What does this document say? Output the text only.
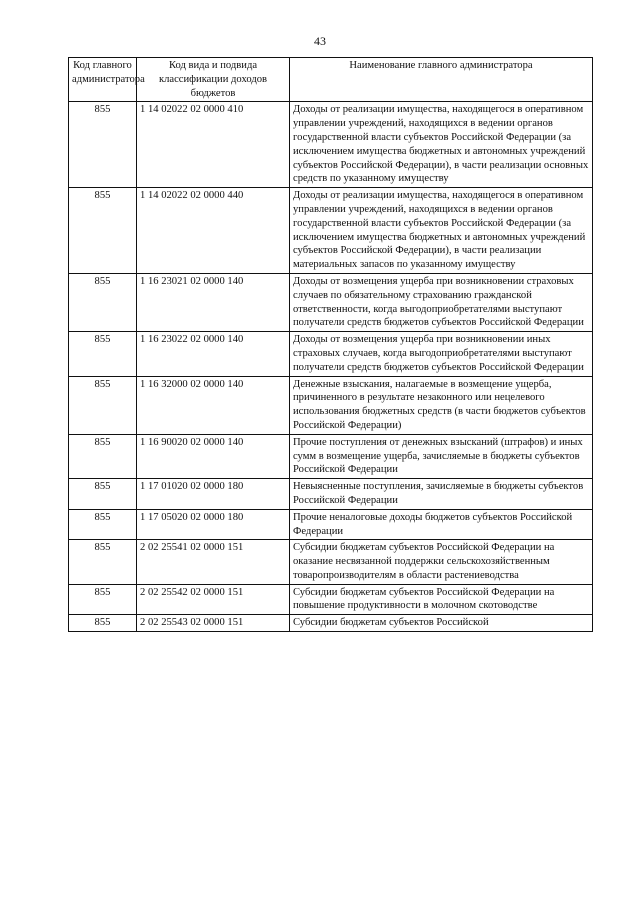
43
Код главного администратора	Код вида и подвида классификации доходов бюджетов	Наименование главного администратора
855	1 14 02022 02 0000 410	Доходы от реализации имущества, находящегося в оперативном управлении учреждений, находящихся в ведении органов государственной власти субъектов Российской Федерации (за исключением имущества бюджетных и автономных учреждений субъектов Российской Федерации), в части реализации основных средств по указанному имуществу
855	1 14 02022 02 0000 440	Доходы от реализации имущества, находящегося в оперативном управлении учреждений, находящихся в ведении органов государственной власти субъектов Российской Федерации (за исключением имущества бюджетных и автономных учреждений субъектов Российской Федерации), в части реализации материальных запасов по указанному имуществу
855	1 16 23021 02 0000 140	Доходы от возмещения ущерба при возникновении страховых случаев по обязательному страхованию гражданской ответственности, когда выгодоприобретателями выступают получатели средств бюджетов субъектов Российской Федерации
855	1 16 23022 02 0000 140	Доходы от возмещения ущерба при возникновении иных страховых случаев, когда выгодоприобретателями выступают получатели средств бюджетов субъектов Российской Федерации
855	1 16 32000 02 0000 140	Денежные взыскания, налагаемые в возмещение ущерба, причиненного в результате незаконного или нецелевого использования бюджетных средств (в части бюджетов субъектов Российской Федерации)
855	1 16 90020 02 0000 140	Прочие поступления от денежных взысканий (штрафов) и иных сумм в возмещение ущерба, зачисляемые в бюджеты субъектов Российской Федерации
855	1 17 01020 02 0000 180	Невыясненные поступления, зачисляемые в бюджеты субъектов Российской Федерации
855	1 17 05020 02 0000 180	Прочие неналоговые доходы бюджетов субъектов Российской Федерации
855	2 02 25541 02 0000 151	Субсидии бюджетам субъектов Российской Федерации на оказание несвязанной поддержки сельскохозяйственным товаропроизводителям в области растениеводства
855	2 02 25542 02 0000 151	Субсидии бюджетам субъектов Российской Федерации на повышение продуктивности в молочном скотоводстве
855	2 02 25543 02 0000 151	Субсидии бюджетам субъектов Российской
